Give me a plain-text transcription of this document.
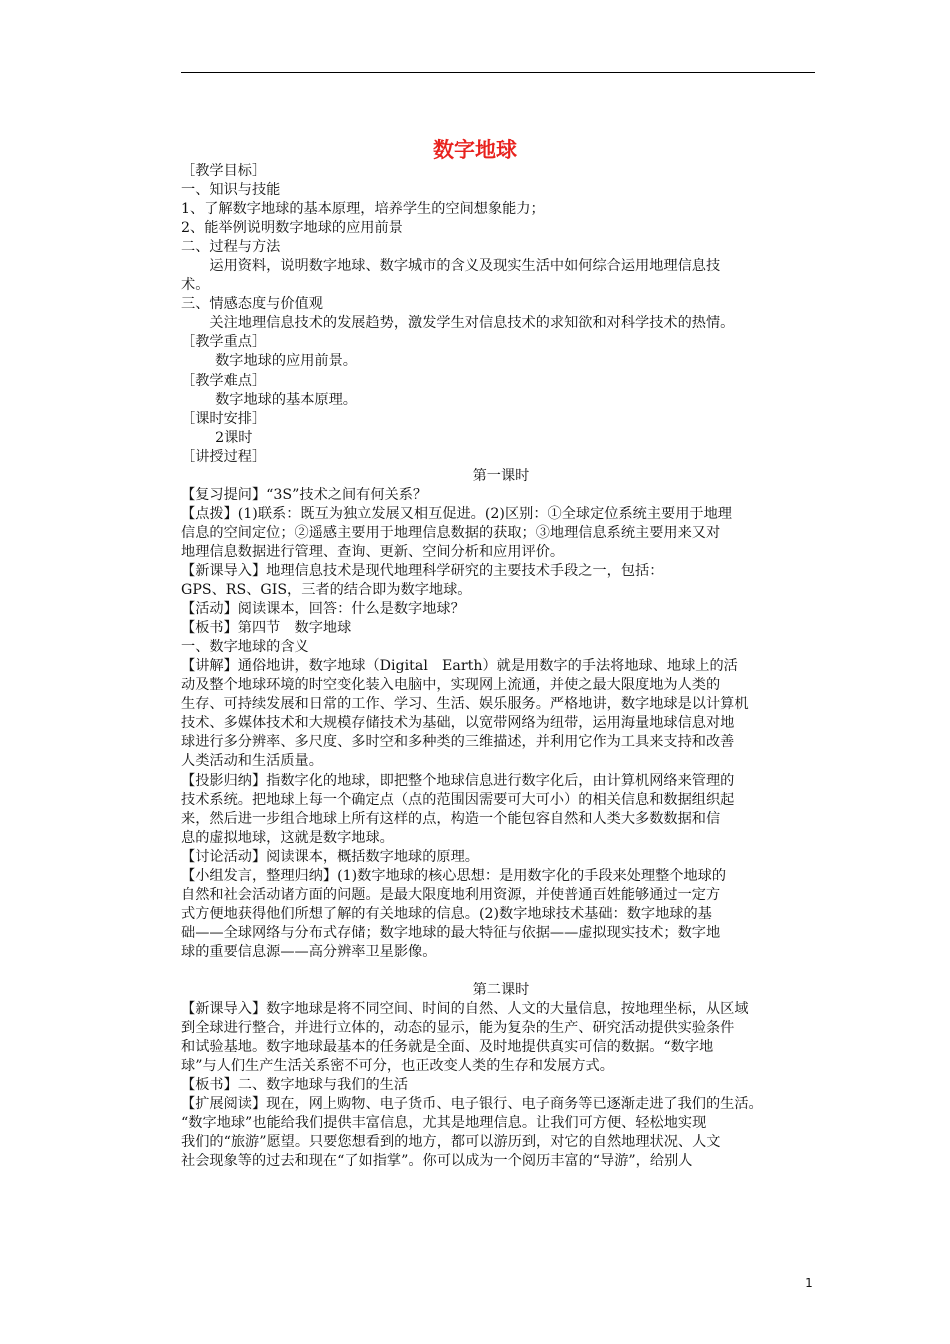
数字地球
［教学目标］
一、知识与技能
1、了解数字地球的基本原理，培养学生的空间想象能力；
2、能举例说明数字地球的应用前景
二、过程与方法
运用资料，说明数字地球、数字城市的含义及现实生活中如何综合运用地理信息技
术。
三、情感态度与价值观
关注地理信息技术的发展趋势，激发学生对信息技术的求知欲和对科学技术的热情。
［教学重点］
数字地球的应用前景。
［教学难点］
数字地球的基本原理。
［课时安排］
2课时
［讲授过程］
第一课时
【复习提问】“3S”技术之间有何关系？
【点拨】(1)联系：既互为独立发展又相互促进。(2)区别：①全球定位系统主要用于地理
信息的空间定位；②遥感主要用于地理信息数据的获取；③地理信息系统主要用来又对
地理信息数据进行管理、查询、更新、空间分析和应用评价。
【新课导入】地理信息技术是现代地理科学研究的主要技术手段之一，包括：
GPS、RS、GIS，三者的结合即为数字地球。
【活动】阅读课本，回答：什么是数字地球？
【板书】第四节　数字地球
一、数字地球的含义
【讲解】通俗地讲，数字地球（Digital　Earth）就是用数字的手法将地球、地球上的活
动及整个地球环境的时空变化装入电脑中，实现网上流通，并使之最大限度地为人类的
生存、可持续发展和日常的工作、学习、生活、娱乐服务。严格地讲，数字地球是以计算机
技术、多媒体技术和大规模存储技术为基础，以宽带网络为纽带，运用海量地球信息对地
球进行多分辨率、多尺度、多时空和多种类的三维描述，并利用它作为工具来支持和改善
人类活动和生活质量。
【投影归纳】指数字化的地球，即把整个地球信息进行数字化后，由计算机网络来管理的
技术系统。把地球上每一个确定点（点的范围因需要可大可小）的相关信息和数据组织起
来，然后进一步组合地球上所有这样的点，构造一个能包容自然和人类大多数数据和信
息的虚拟地球，这就是数字地球。
【讨论活动】阅读课本，概括数字地球的原理。
【小组发言，整理归纳】(1)数字地球的核心思想：是用数字化的手段来处理整个地球的
自然和社会活动诸方面的问题。是最大限度地利用资源，并使普通百姓能够通过一定方
式方便地获得他们所想了解的有关地球的信息。(2)数字地球技术基础：数字地球的基
础——全球网络与分布式存储；数字地球的最大特征与依据——虚拟现实技术；数字地
球的重要信息源——高分辨率卫星影像。
第二课时
【新课导入】数字地球是将不同空间、时间的自然、人文的大量信息，按地理坐标，从区域
到全球进行整合，并进行立体的，动态的显示，能为复杂的生产、研究活动提供实验条件
和试验基地。数字地球最基本的任务就是全面、及时地提供真实可信的数据。“数字地
球”与人们生产生活关系密不可分，也正改变人类的生存和发展方式。
【板书】二、数字地球与我们的生活
【扩展阅读】现在，网上购物、电子货币、电子银行、电子商务等已逐渐走进了我们的生活。
“数字地球”也能给我们提供丰富信息，尤其是地理信息。让我们可方便、轻松地实现
我们的“旅游”愿望。只要您想看到的地方，都可以游历到，对它的自然地理状况、人文
社会现象等的过去和现在“了如指掌”。你可以成为一个阅历丰富的“导游”，给别人
1
